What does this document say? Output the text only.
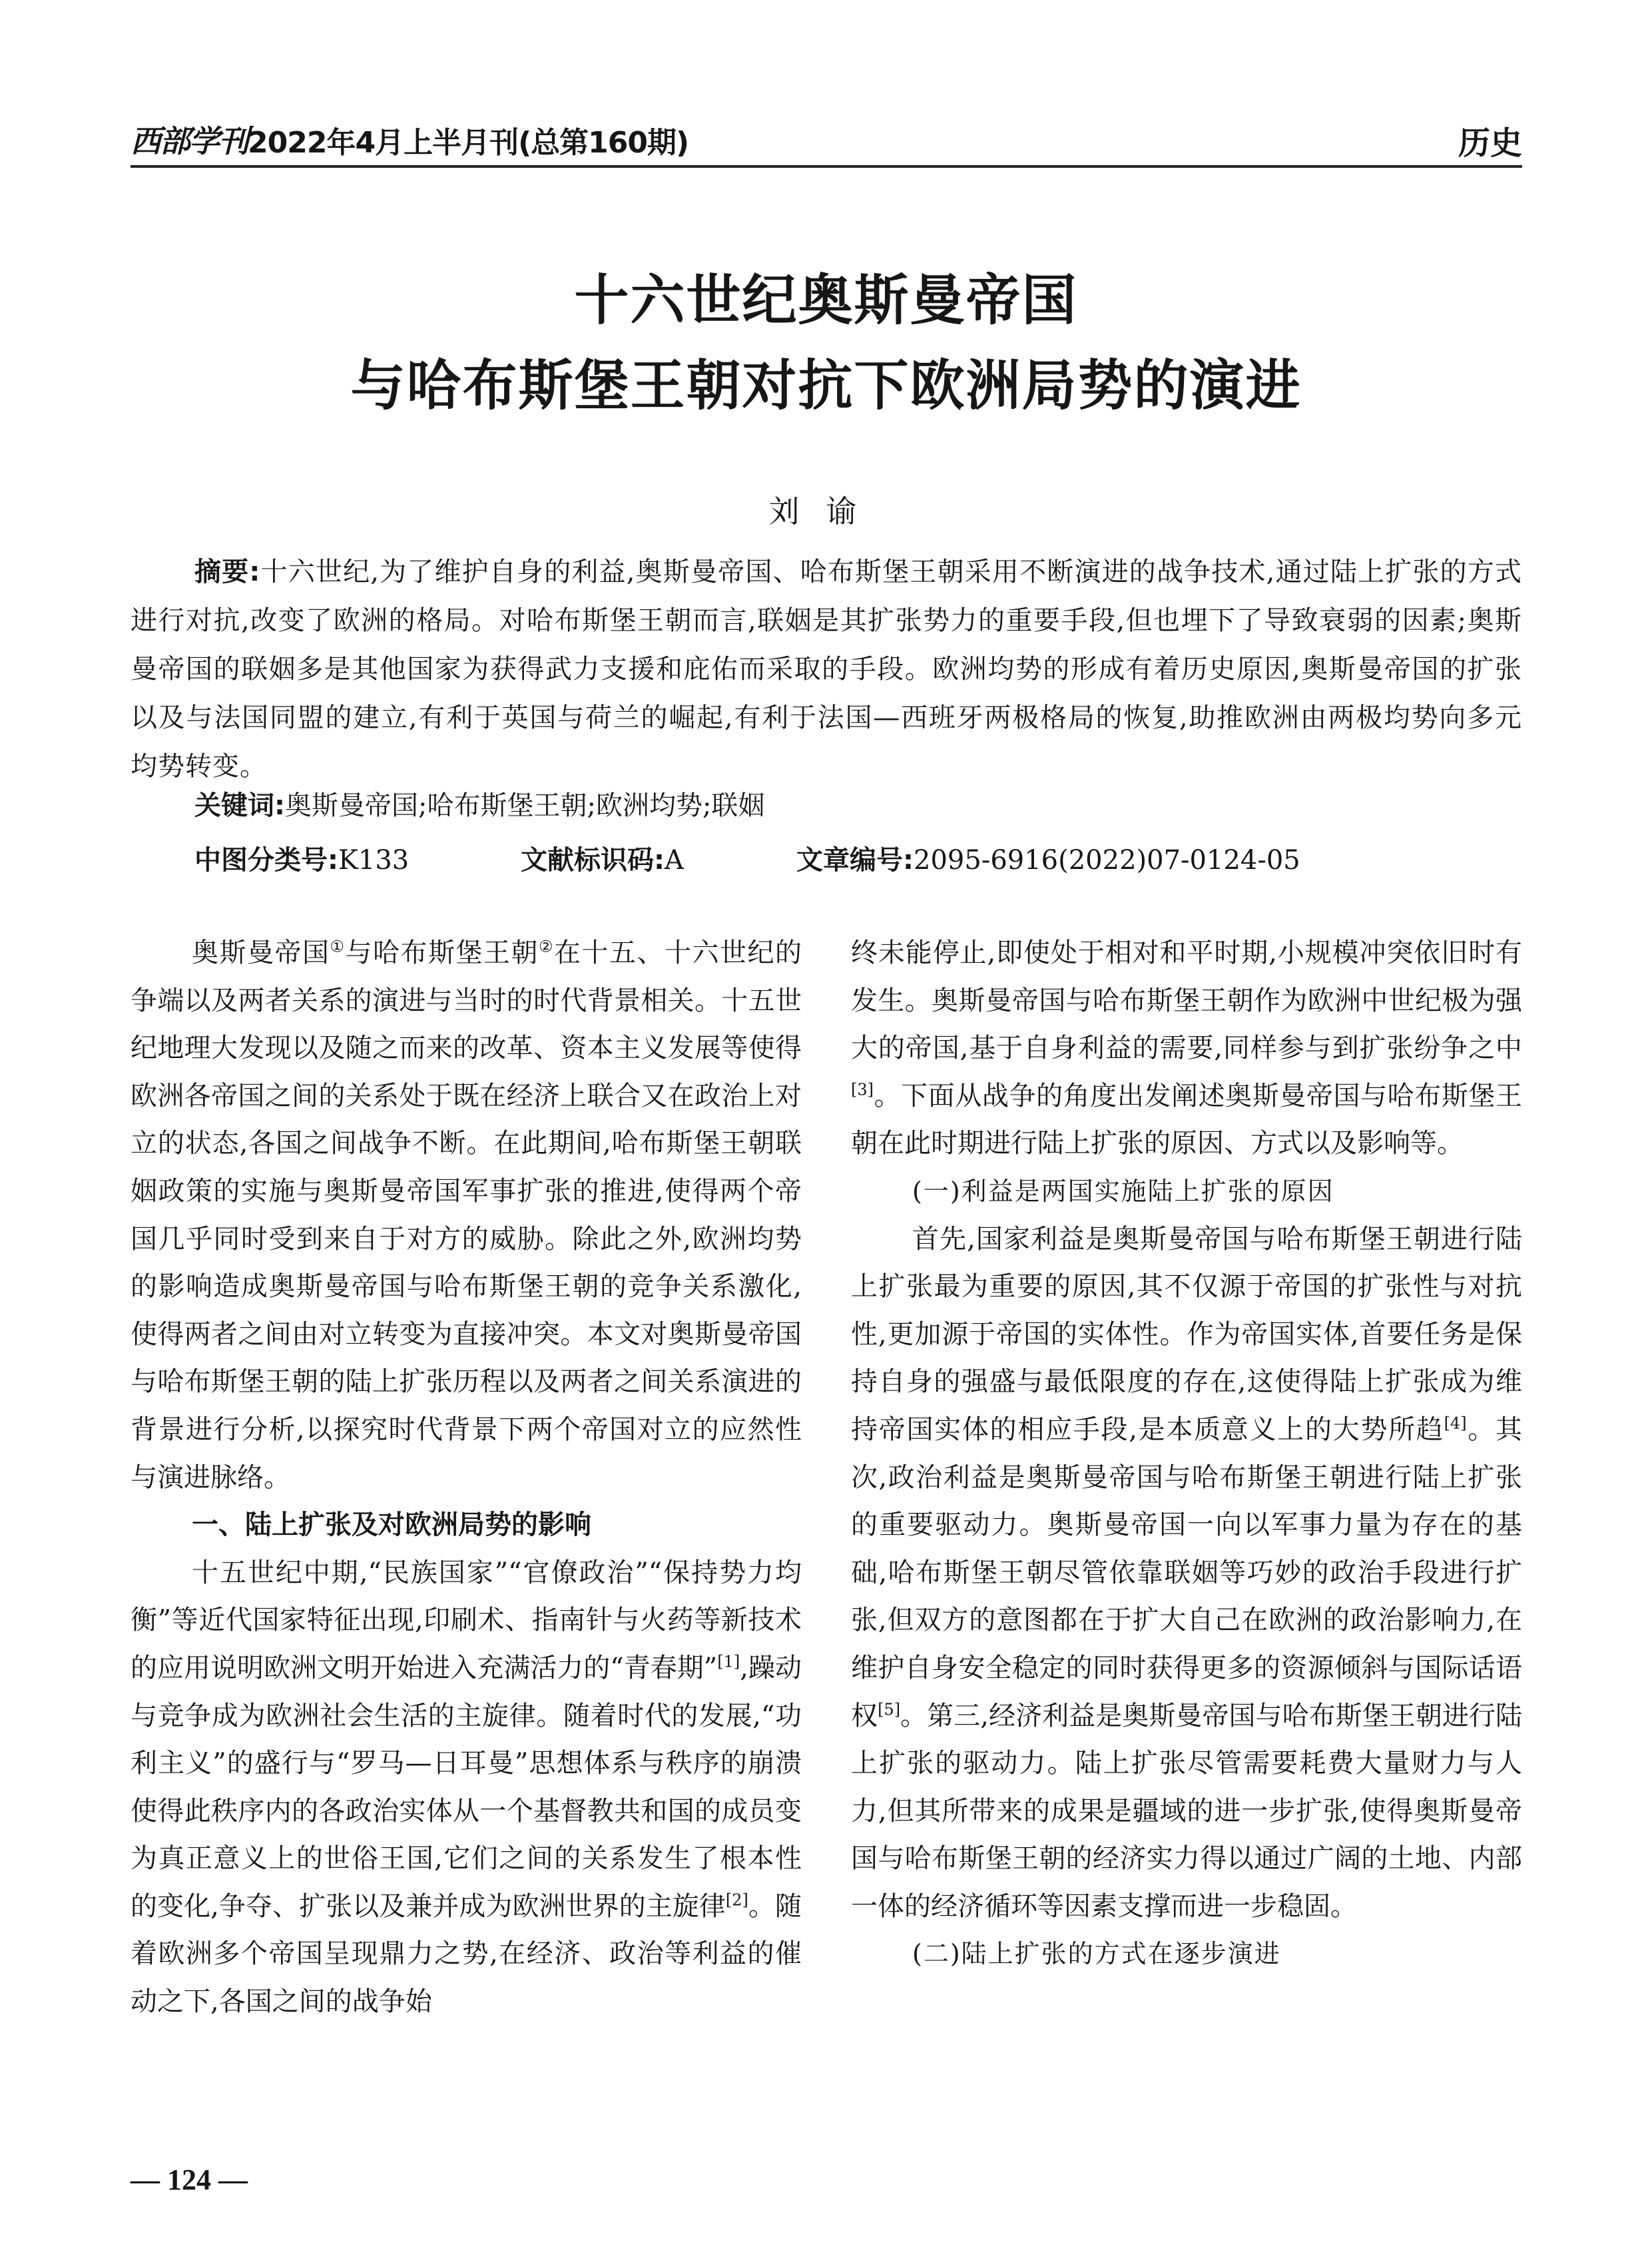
西部学刊 2022年4月上半月刊(总第160期)	历史
十六世纪奥斯曼帝国
与哈布斯堡王朝对抗下欧洲局势的演进
刘谕

摘要:十六世纪,为了维护自身的利益,奥斯曼帝国、哈布斯堡王朝采用不断演进的战争技术,通过陆上扩张的方式进行对抗,改变了欧洲的格局。对哈布斯堡王朝而言,联姻是其扩张势力的重要手段,但也埋下了导致衰弱的因素;奥斯曼帝国的联姻多是其他国家为获得武力支援和庇佑而采取的手段。欧洲均势的形成有着历史原因,奥斯曼帝国的扩张以及与法国同盟的建立,有利于英国与荷兰的崛起,有利于法国—西班牙两极格局的恢复,助推欧洲由两极均势向多元均势转变。

关键词:奥斯曼帝国;哈布斯堡王朝;欧洲均势;联姻
中图分类号:K133	文献标识码:A	文章编号:2095-6916(2022)07-0124-05

奥斯曼帝国①与哈布斯堡王朝②在十五、十六世纪的争端以及两者关系的演进与当时的时代背景相关。十五世纪地理大发现以及随之而来的改革、资本主义发展等使得欧洲各帝国之间的关系处于既在经济上联合又在政治上对立的状态,各国之间战争不断。在此期间,哈布斯堡王朝联姻政策的实施与奥斯曼帝国军事扩张的推进,使得两个帝国几乎同时受到来自于对方的威胁。除此之外,欧洲均势的影响造成奥斯曼帝国与哈布斯堡王朝的竞争关系激化,使得两者之间由对立转变为直接冲突。本文对奥斯曼帝国与哈布斯堡王朝的陆上扩张历程以及两者之间关系演进的背景进行分析,以探究时代背景下两个帝国对立的应然性与演进脉络。

一、陆上扩张及对欧洲局势的影响

十五世纪中期,“民族国家”“官僚政治”“保持势力均衡”等近代国家特征出现,印刷术、指南针与火药等新技术的应用说明欧洲文明开始进入充满活力的“青春期”[1],躁动与竞争成为欧洲社会生活的主旋律。随着时代的发展,“功利主义”的盛行与“罗马—日耳曼”思想体系与秩序的崩溃使得此秩序内的各政治实体从一个基督教共和国的成员变为真正意义上的世俗王国,它们之间的关系发生了根本性的变化,争夺、扩张以及兼并成为欧洲世界的主旋律[2]。随着欧洲多个帝国呈现鼎力之势,在经济、政治等利益的催动之下,各国之间的战争始

终未能停止,即使处于相对和平时期,小规模冲突依旧时有发生。奥斯曼帝国与哈布斯堡王朝作为欧洲中世纪极为强大的帝国,基于自身利益的需要,同样参与到扩张纷争之中[3]。下面从战争的角度出发阐述奥斯曼帝国与哈布斯堡王朝在此时期进行陆上扩张的原因、方式以及影响等。

(一)利益是两国实施陆上扩张的原因

首先,国家利益是奥斯曼帝国与哈布斯堡王朝进行陆上扩张最为重要的原因,其不仅源于帝国的扩张性与对抗性,更加源于帝国的实体性。作为帝国实体,首要任务是保持自身的强盛与最低限度的存在,这使得陆上扩张成为维持帝国实体的相应手段,是本质意义上的大势所趋[4]。其次,政治利益是奥斯曼帝国与哈布斯堡王朝进行陆上扩张的重要驱动力。奥斯曼帝国一向以军事力量为存在的基础,哈布斯堡王朝尽管依靠联姻等巧妙的政治手段进行扩张,但双方的意图都在于扩大自己在欧洲的政治影响力,在维护自身安全稳定的同时获得更多的资源倾斜与国际话语权[5]。第三,经济利益是奥斯曼帝国与哈布斯堡王朝进行陆上扩张的驱动力。陆上扩张尽管需要耗费大量财力与人力,但其所带来的成果是疆域的进一步扩张,使得奥斯曼帝国与哈布斯堡王朝的经济实力得以通过广阔的土地、内部一体的经济循环等因素支撑而进一步稳固。

(二)陆上扩张的方式在逐步演进
— 124 —
